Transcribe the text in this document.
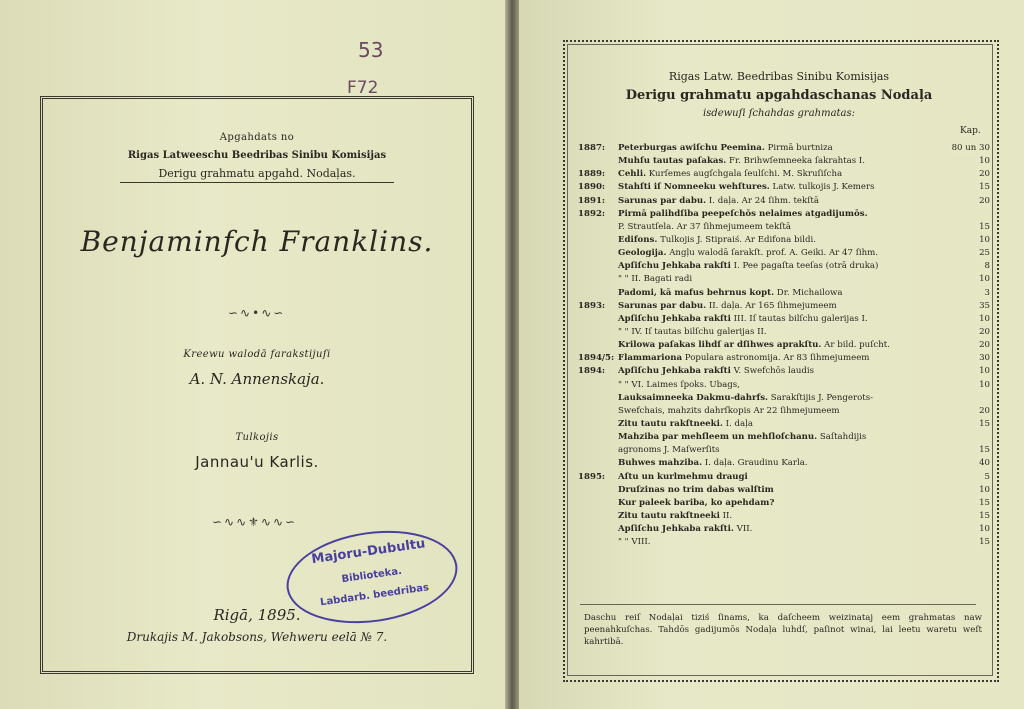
53
F72
Apgahdats no
Rigas Latweeschu Beedribas Sinibu Komisijas
Derigu grahmatu apgahd. Nodaļas.
Benjaminfch Franklins.
∽∿•∿∽
Kreewu walodā farakstijuſi
A. N. Annenskaja.
Tulkojis
Jannau'u Karlis.
∽∿∿⚜∿∿∽
Majoru-Dubultu
Biblioteka.
Labdarb. beedribas
Rigā, 1895.
Drukajis M. Jakobsons, Wehweru eelā № 7.
Rigas Latw. Beedribas Sinibu Komisijas
Derigu grahmatu apgahdaschanas Nodaļa
isdewuſi ſchahdas grahmatas:
Kap.
1887: Peterburgas awiſchu Peeminа. Pirmā burtniza	80 un 30
Muhſu tautas paſakas. Fr. Brihwſemneeka ſakrahtas I.	10
1889: Cehli. Kurſemes augſchgala ſeulſchi. M. Skruſiſcha	20
1890: Stahſti iſ Nomneeku wehſtures. Latw. tulkojis J. Kemers	15
1891: Sarunas par dabu. I. daļa. Ar 24 ſihm. tekſtā	20
1892: Pirmā palihdſiba peepeſchōs nelaimes atgadijumōs.
P. Strautſela. Ar 37 ſihmejumeem tekſtā	15
Edifons. Tulkojis J. Stipraiś. Ar Edifona bildi.	10
Geologija. Angļu walodā ſarakſt. prof. A. Geiki. Ar 47 ſihm.	25
Apſiſchu Jehkaba rakſti I. Pee pagaſta teeſas (otrā druka)	8
" " II. Bagati radi	10
Padomi, kā mafus behrnus kopt. Dr. Michailowa	3
1893: Sarunas par dabu. II. daļa. Ar 165 ſihmejumeem	35
Apſiſchu Jehkaba rakſti III. Iſ tautas bilſchu galerijas I.	10
" " IV. Iſ tautas bilſchu galerijas II.	20
Krilowa paſakas lihdſ ar dſihwes aprakſtu. Ar bild. puſcht.	20
1894/5: Flammariona Populara astronomija. Ar 83 ſihmejumeem	30
1894: Apſiſchu Jehkaba rakſti V. Swefchōs laudis	10
" " VI. Laimes ſpoks. Ubags,	10
Lauksaimneeka Dakmu-dahrfs. Sarakſtijis J. Pengerots-
Swefchais, mahzits dahrſkopis Ar 22 ſihmejumeem	20
Zitu tautu rakſtneeki. I. daļa	15
Mahziba par mehſleem un mehſloſchanu. Saſtahdijis
agronoms J. Maſwerſits	15
Buhwes mahziba. I. daļa. Graudinu Karla.	40
1895: Aſtu un kurlmehmu draugi	5
Druſzinas no trim dabas walſtim	10
Kur paleek bariba, ko apehdam?	15
Zitu tautu rakſtneeki II.	15
Apſiſchu Jehkaba rakſti. VII.	10
" " VIII.	15
Daschu reiſ Nodaļai tiziś ſinams, ka daſcheem weizinataj eem grahmatas naw peenahkuſchas. Tahdōs gadijumōs Nodaļa luhdſ, paſinot winai, lai leetu waretu weſt kahrtibā.
